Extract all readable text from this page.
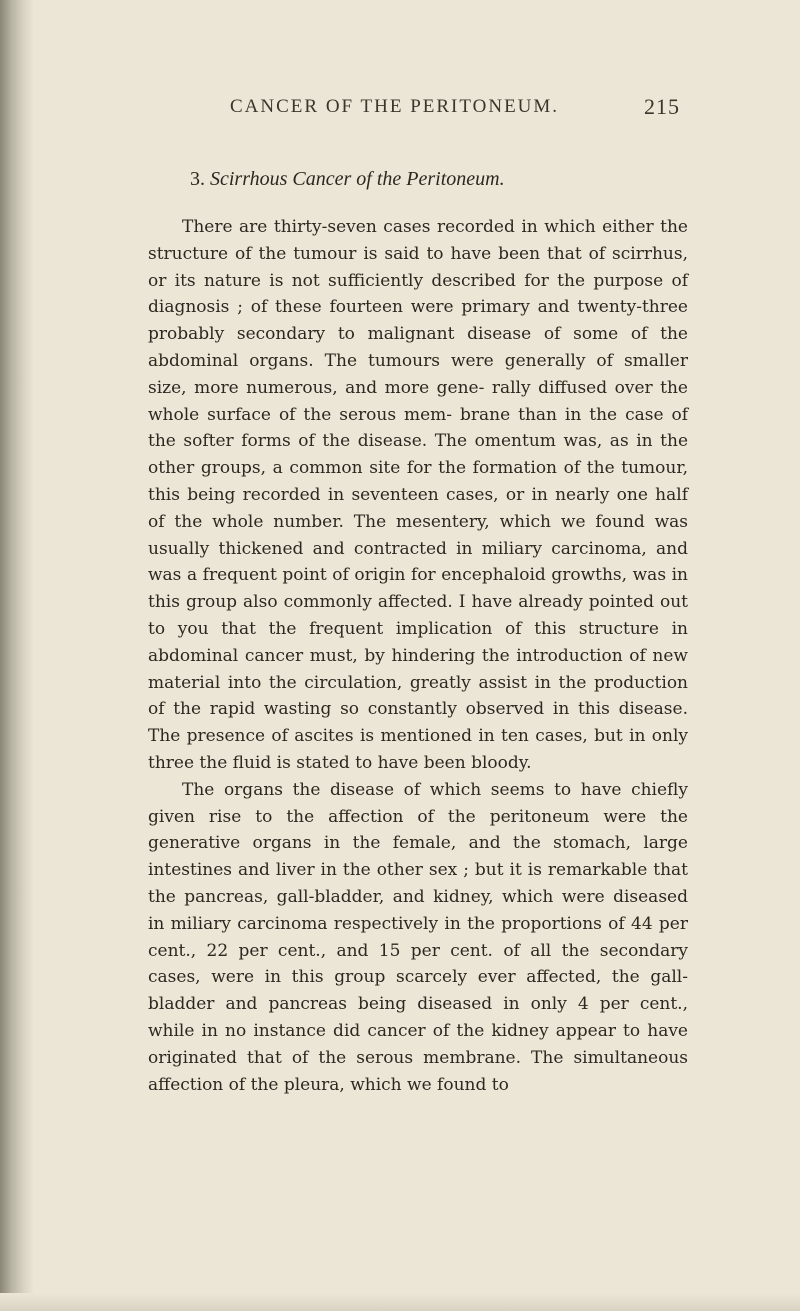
CANCER OF THE PERITONEUM.	215
3. Scirrhous Cancer of the Peritoneum.

There are thirty-seven cases recorded in which either the structure of the tumour is said to have been that of scirrhus, or its nature is not sufficiently described for the purpose of diagnosis ; of these fourteen were primary and twenty-three probably secondary to malignant disease of some of the abdominal organs. The tumours were generally of smaller size, more numerous, and more gene- rally diffused over the whole surface of the serous mem- brane than in the case of the softer forms of the disease. The omentum was, as in the other groups, a common site for the formation of the tumour, this being recorded in seventeen cases, or in nearly one half of the whole number. The mesentery, which we found was usually thickened and contracted in miliary carcinoma, and was a frequent point of origin for encephaloid growths, was in this group also commonly affected. I have already pointed out to you that the frequent implication of this structure in abdominal cancer must, by hindering the introduction of new material into the circulation, greatly assist in the production of the rapid wasting so constantly observed in this disease. The presence of ascites is mentioned in ten cases, but in only three the fluid is stated to have been bloody.

The organs the disease of which seems to have chiefly given rise to the affection of the peritoneum were the generative organs in the female, and the stomach, large intestines and liver in the other sex ; but it is remarkable that the pancreas, gall-bladder, and kidney, which were diseased in miliary carcinoma respectively in the proportions of 44 per cent., 22 per cent., and 15 per cent. of all the secondary cases, were in this group scarcely ever affected, the gall-bladder and pancreas being diseased in only 4 per cent., while in no instance did cancer of the kidney appear to have originated that of the serous membrane. The simultaneous affection of the pleura, which we found to
